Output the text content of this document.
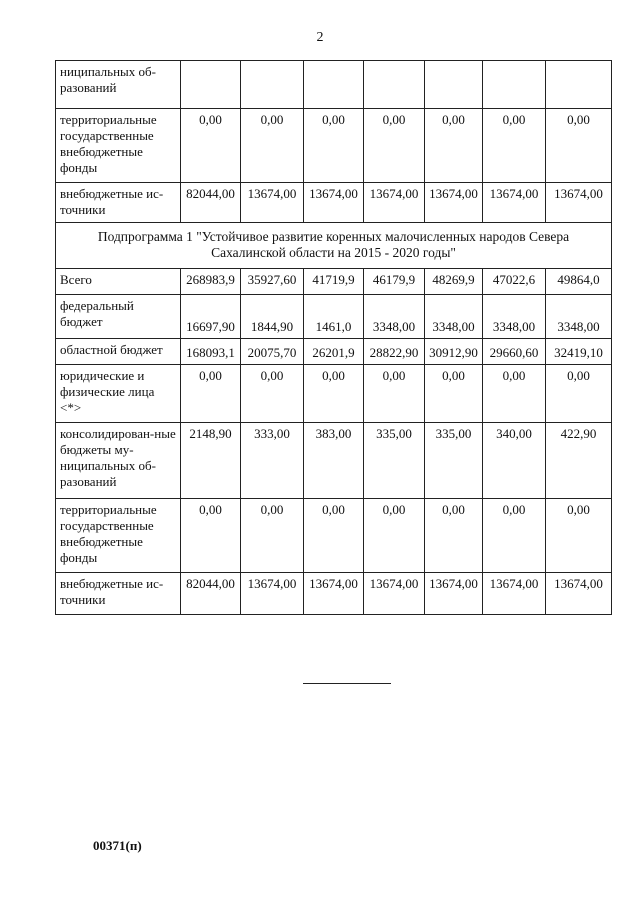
2
ниципальных об-разований							
территориальные государственные внебюджетные фонды	0,00	0,00	0,00	0,00	0,00	0,00	0,00
внебюджетные ис-точники	82044,00	13674,00	13674,00	13674,00	13674,00	13674,00	13674,00
Подпрограмма 1 "Устойчивое развитие коренных малочисленных народов Севера Сахалинской области на 2015 - 2020 годы"							
Всего	268983,9	35927,60	41719,9	46179,9	48269,9	47022,6	49864,0
федеральный бюджет	16697,90	1844,90	1461,0	3348,00	3348,00	3348,00	3348,00
областной бюджет	168093,1	20075,70	26201,9	28822,90	30912,90	29660,60	32419,10
юридические и физические лица <*>	0,00	0,00	0,00	0,00	0,00	0,00	0,00
консолидирован-ные бюджеты му-ниципальных об-разований	2148,90	333,00	383,00	335,00	335,00	340,00	422,90
территориальные государственные внебюджетные фонды	0,00	0,00	0,00	0,00	0,00	0,00	0,00
внебюджетные ис-точники	82044,00	13674,00	13674,00	13674,00	13674,00	13674,00	13674,00
00371(п)
